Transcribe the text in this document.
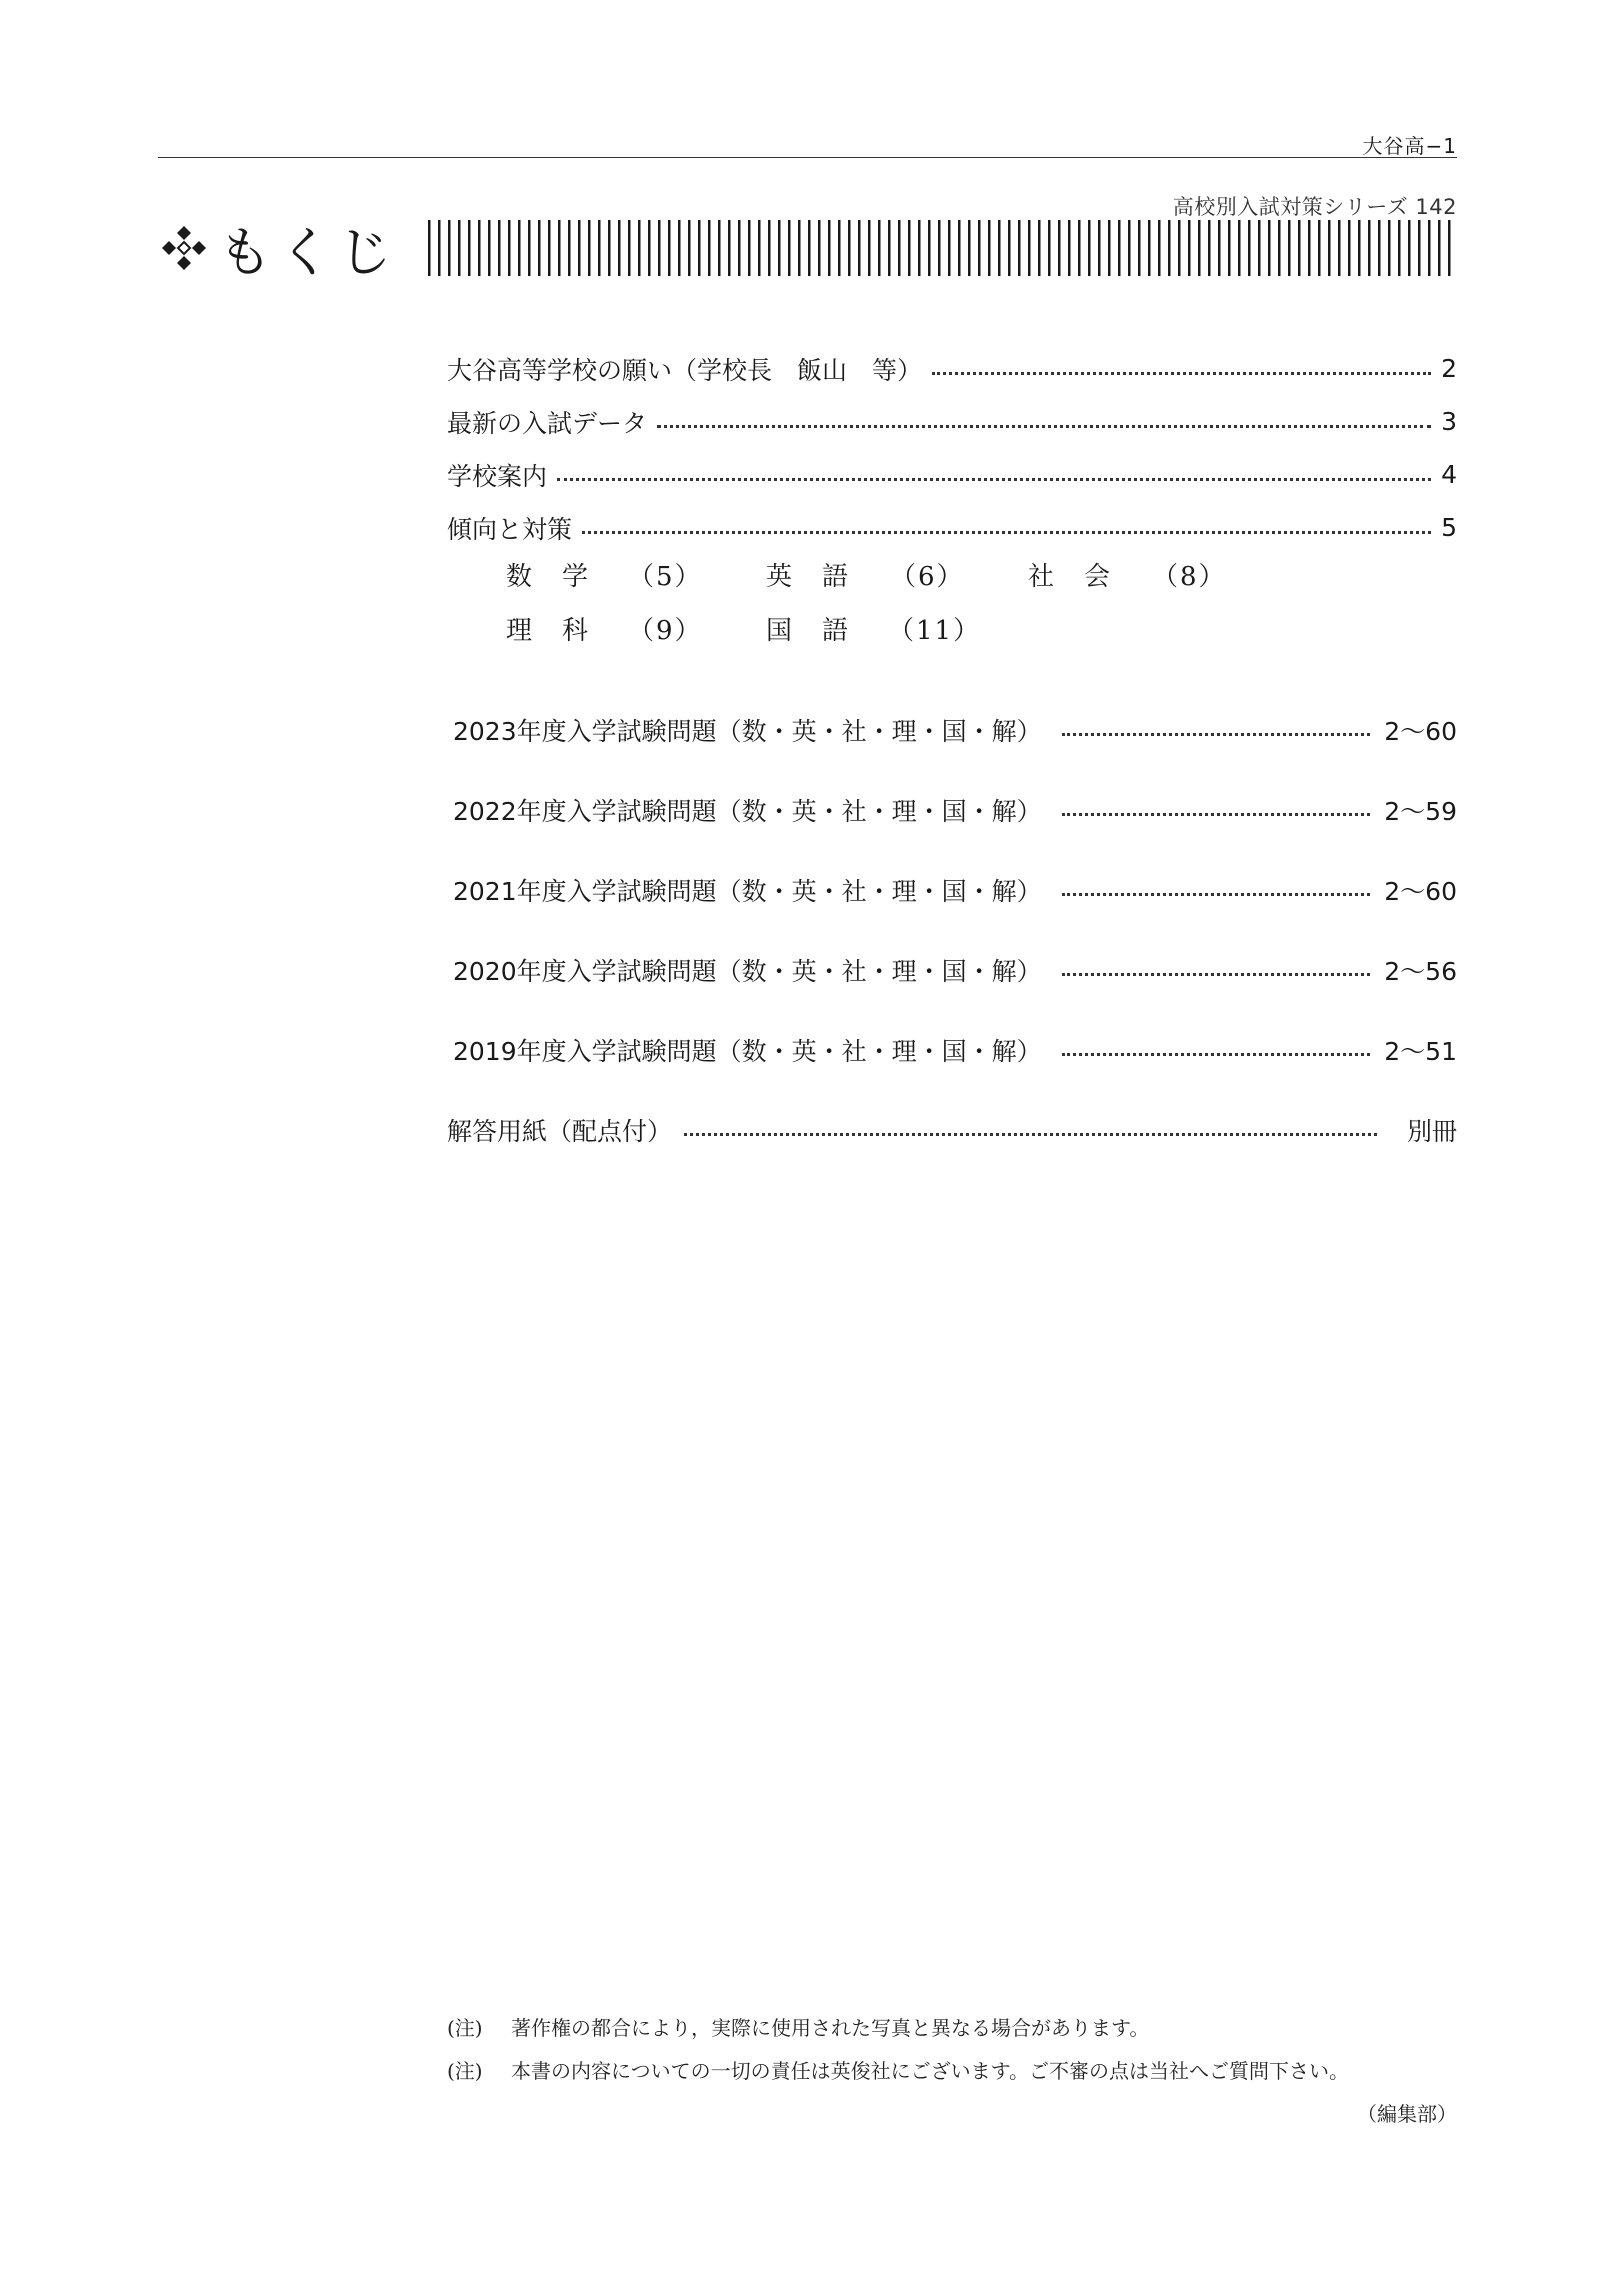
大谷高−1
高校別入試対策シリーズ 142
もくじ
大谷高等学校の願い（学校長　飯山　等）	2
最新の入試データ	3
学校案内	4
傾向と対策	5
数　学 （5） 英　語 （6） 社　会 （8）
理　科 （9） 国　語 （11）
2023年度入学試験問題（数・英・社・理・国・解）	2〜60
2022年度入学試験問題（数・英・社・理・国・解）	2〜59
2021年度入学試験問題（数・英・社・理・国・解）	2〜60
2020年度入学試験問題（数・英・社・理・国・解）	2〜56
2019年度入学試験問題（数・英・社・理・国・解）	2〜51
解答用紙（配点付）	別冊
(注) 著作権の都合により，実際に使用された写真と異なる場合があります。
(注) 本書の内容についての一切の責任は英俊社にございます。ご不審の点は当社へご質問下さい。
（編集部）
